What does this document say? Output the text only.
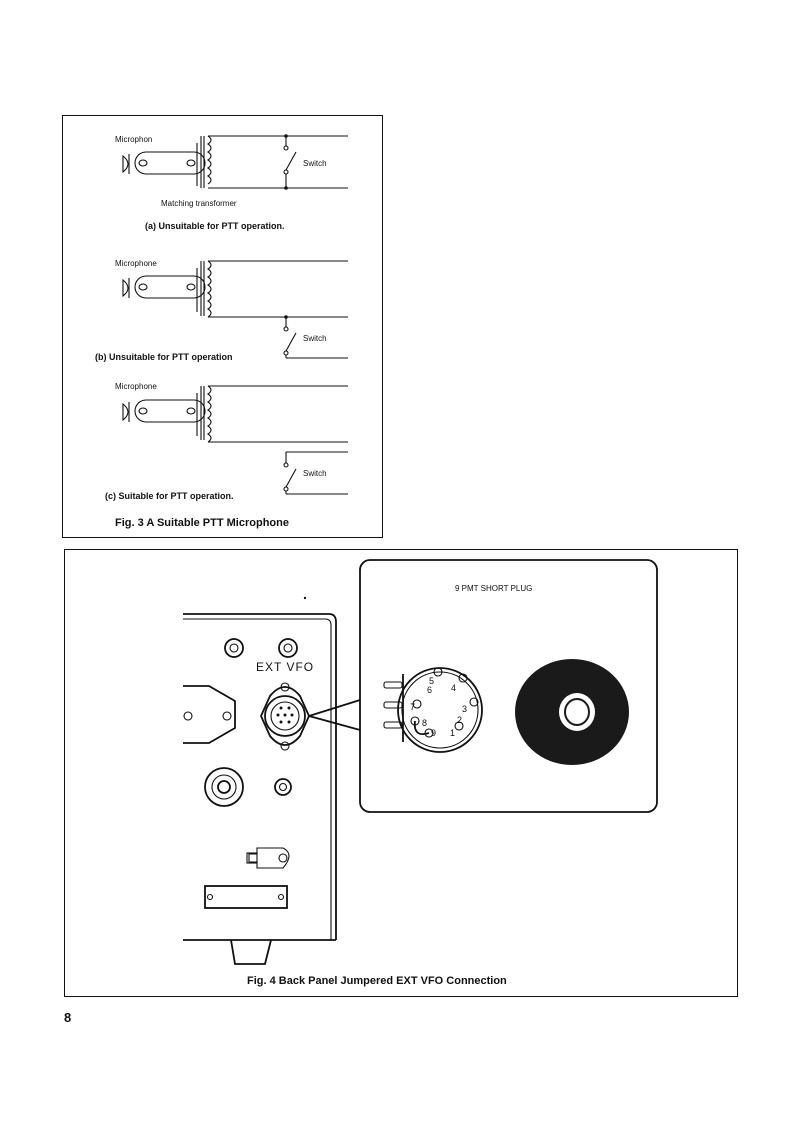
Microphon
Switch
Matching transformer
(a) Unsuitable for PTT operation.
Microphone
Switch
(b) Unsuitable for PTT operation
Microphone
Switch
(c) Suitable for PTT operation.
Fig. 3 A Suitable PTT Microphone
EXT VFO
9 PMT SHORT PLUG
5
4
3
2
1
6
7
8
9
Fig. 4 Back Panel Jumpered EXT VFO Connection
8
